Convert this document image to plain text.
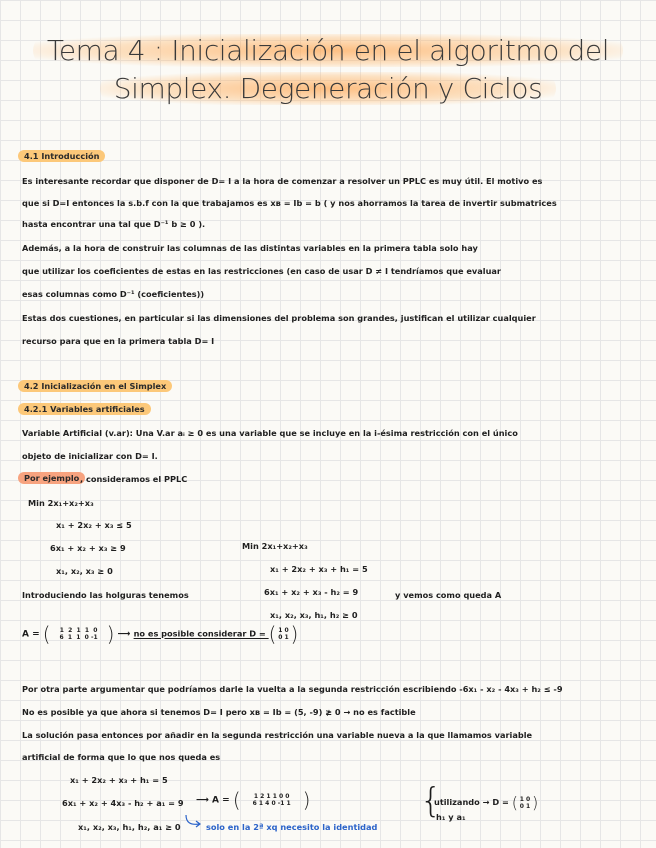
Tema 4 : Inicialización en el algoritmo del
Simplex. Degeneración y Ciclos
4.1 Introducción
Es interesante recordar que disponer de D= I a la hora de comenzar a resolver un PPLC es muy útil. El motivo es
que si D=I entonces la s.b.f con la que trabajamos es xʙ = Ib = b ( y nos ahorramos la tarea de invertir submatrices
hasta encontrar una tal que D⁻¹ b ≥ 0 ).
Además, a la hora de construir las columnas de las distintas variables en la primera tabla solo hay
que utilizar los coeficientes de estas en las restricciones (en caso de usar D ≠ I tendríamos que evaluar
esas columnas como D⁻¹ (coeficientes))
Estas dos cuestiones, en particular si las dimensiones del problema son grandes, justifican el utilizar cualquier
recurso para que en la primera tabla D= I
4.2 Inicialización en el Simplex
4.2.1 Variables artificiales
Variable Artificial (v.ar): Una V.ar aᵢ ≥ 0 es una variable que se incluye en la i-ésima restricción con el único
objeto de inicializar con D= I.
Por ejemplo , consideramos el PPLC
Min 2x₁+x₂+x₃
x₁ + 2x₂ + x₃ ≤ 5
6x₁ + x₂ + x₃ ≥ 9
x₁, x₂, x₃ ≥ 0
Min 2x₁+x₂+x₃
x₁ + 2x₂ + x₃ + h₁ = 5
6x₁ + x₂ + x₃ - h₂ = 9
x₁, x₂, x₃, h₁, h₂ ≥ 0
Introduciendo las holguras tenemos	y vemos como queda A
A = ( 1 2 1 1 0
6 1 1 0 -1 ) ⟶ no es posible considerar D = ( 1 0
0 1)
Por otra parte argumentar que podríamos darle la vuelta a la segunda restricción escribiendo -6x₁ - x₂ - 4x₃ + h₂ ≤ -9
No es posible ya que ahora si tenemos D= I pero xʙ = Ib = (5, -9) ≱ 0 → no es factible
La solución pasa entonces por añadir en la segunda restricción una variable nueva a la que llamamos variable
artificial de forma que lo que nos queda es
x₁ + 2x₂ + x₃ + h₁ = 5
6x₁ + x₂ + 4x₃ - h₂ + a₁ = 9
x₁, x₂, x₃, h₁, h₂, a₁ ≥ 0	solo en la 2ª xq necesito la identidad
⟶ A = ( 1 2 1 1 0 0
6 1 4 0 -1 1 )	{
utilizando → D = ( 1 0
0 1 )
h₁ y a₁
